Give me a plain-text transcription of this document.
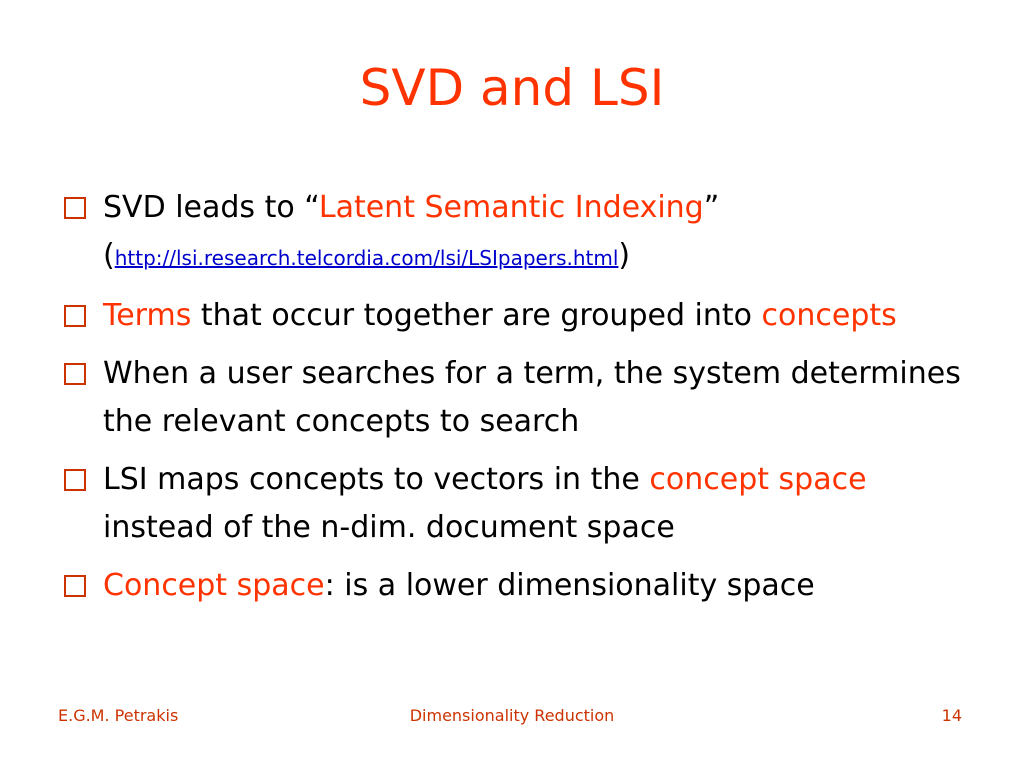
SVD and LSI
SVD leads to “Latent Semantic Indexing”
(http://lsi.research.telcordia.com/lsi/LSIpapers.html)
Terms that occur together are grouped into concepts
When a user searches for a term, the system determines the relevant concepts to search
LSI maps concepts to vectors in the concept space instead of the n-dim. document space
Concept space: is a lower dimensionality space
Dimensionality Reduction
E.G.M. Petrakis	14
